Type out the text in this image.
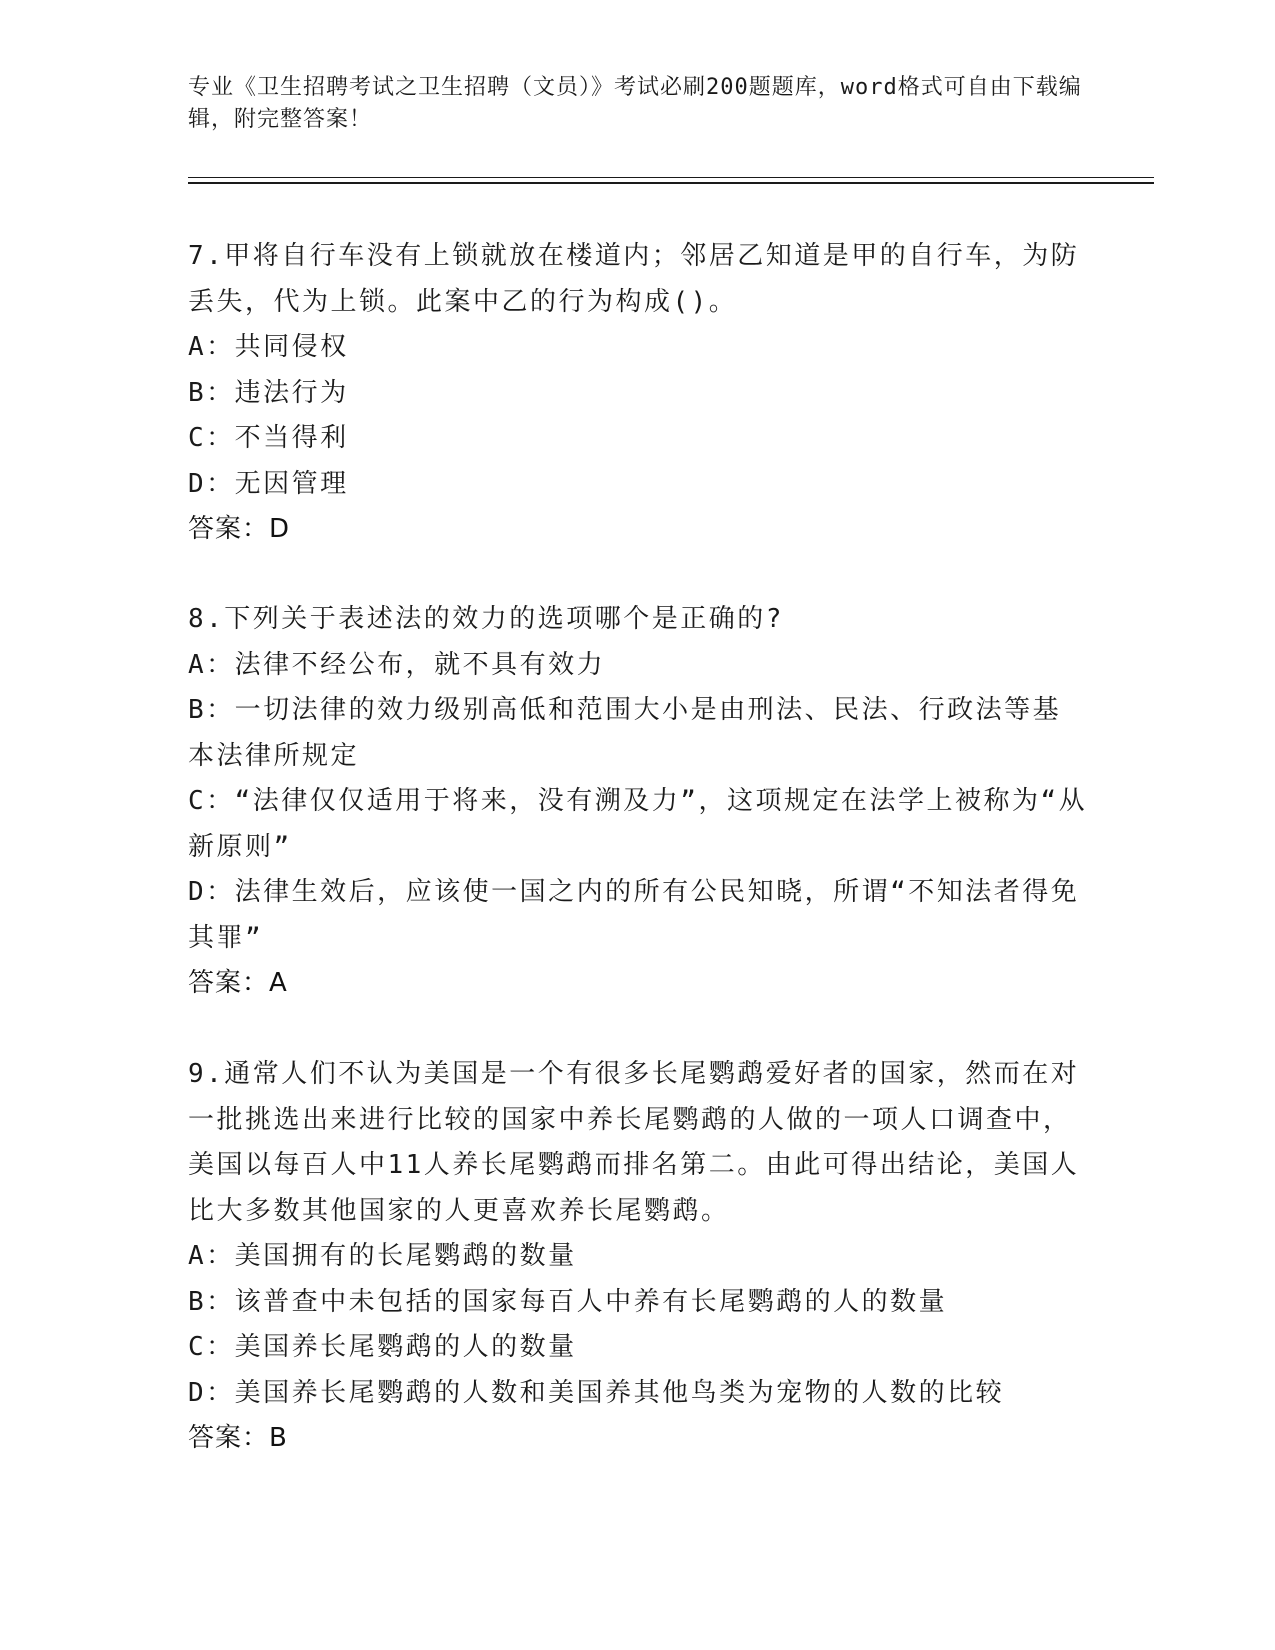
专业《卫生招聘考试之卫生招聘（文员）》考试必刷200题题库，word格式可自由下载编辑，附完整答案！

7.甲将自行车没有上锁就放在楼道内；邻居乙知道是甲的自行车，为防丢失，代为上锁。此案中乙的行为构成()。

A：共同侵权

B：违法行为

C：不当得利

D：无因管理

答案：D

8.下列关于表述法的效力的选项哪个是正确的?

A：法律不经公布，就不具有效力

B：一切法律的效力级别高低和范围大小是由刑法、民法、行政法等基本法律所规定

C：“法律仅仅适用于将来，没有溯及力”，这项规定在法学上被称为“从新原则”

D：法律生效后，应该使一国之内的所有公民知晓，所谓“不知法者得免其罪”

答案：A

9.通常人们不认为美国是一个有很多长尾鹦鹉爱好者的国家，然而在对一批挑选出来进行比较的国家中养长尾鹦鹉的人做的一项人口调查中，美国以每百人中11人养长尾鹦鹉而排名第二。由此可得出结论，美国人比大多数其他国家的人更喜欢养长尾鹦鹉。

A：美国拥有的长尾鹦鹉的数量

B：该普查中未包括的国家每百人中养有长尾鹦鹉的人的数量

C：美国养长尾鹦鹉的人的数量

D：美国养长尾鹦鹉的人数和美国养其他鸟类为宠物的人数的比较

答案：B
